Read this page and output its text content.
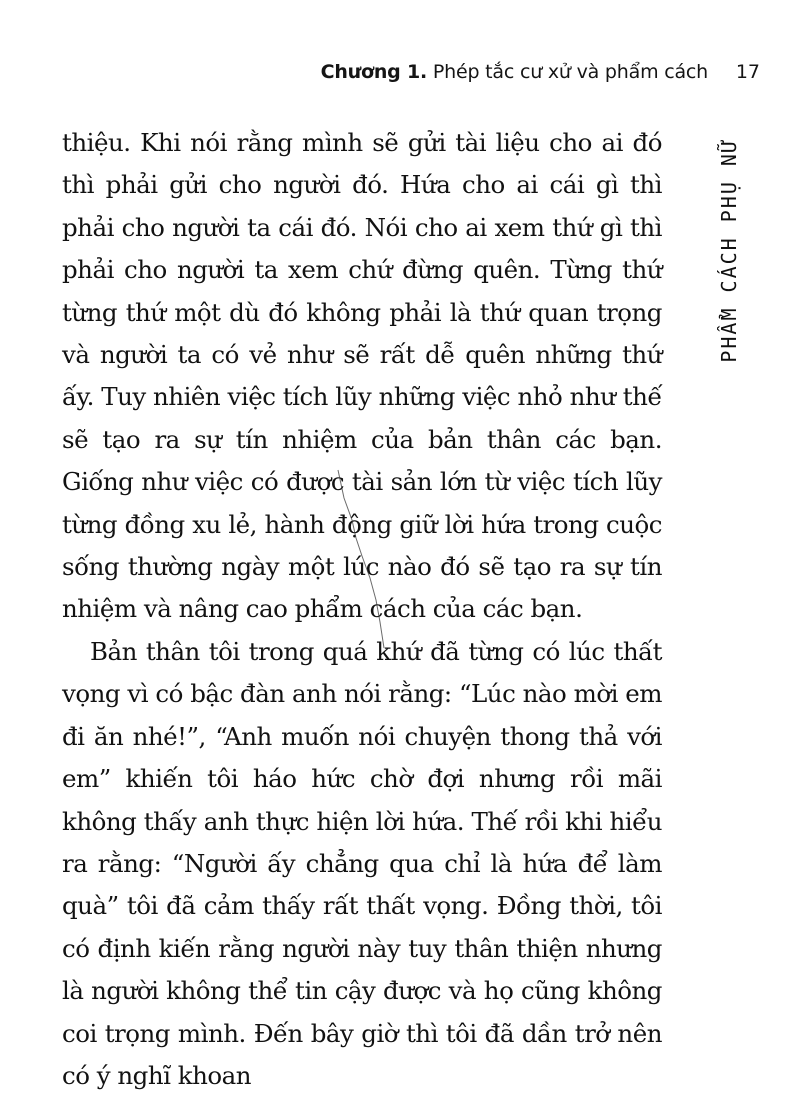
Chương 1. Phép tắc cư xử và phẩm cách 17
PHẨM CÁCH PHỤ NỮ

thiệu. Khi nói rằng mình sẽ gửi tài liệu cho ai đó thì phải gửi cho người đó. Hứa cho ai cái gì thì phải cho người ta cái đó. Nói cho ai xem thứ gì thì phải cho người ta xem chứ đừng quên. Từng thứ từng thứ một dù đó không phải là thứ quan trọng và người ta có vẻ như sẽ rất dễ quên những thứ ấy. Tuy nhiên việc tích lũy những việc nhỏ như thế sẽ tạo ra sự tín nhiệm của bản thân các bạn. Giống như việc có được tài sản lớn từ việc tích lũy từng đồng xu lẻ, hành động giữ lời hứa trong cuộc sống thường ngày một lúc nào đó sẽ tạo ra sự tín nhiệm và nâng cao phẩm cách của các bạn.

Bản thân tôi trong quá khứ đã từng có lúc thất vọng vì có bậc đàn anh nói rằng: “Lúc nào mời em đi ăn nhé!”, “Anh muốn nói chuyện thong thả với em” khiến tôi háo hức chờ đợi nhưng rồi mãi không thấy anh thực hiện lời hứa. Thế rồi khi hiểu ra rằng: “Người ấy chẳng qua chỉ là hứa để làm quà” tôi đã cảm thấy rất thất vọng. Đồng thời, tôi có định kiến rằng người này tuy thân thiện nhưng là người không thể tin cậy được và họ cũng không coi trọng mình. Đến bây giờ thì tôi đã dần trở nên có ý nghĩ khoan
